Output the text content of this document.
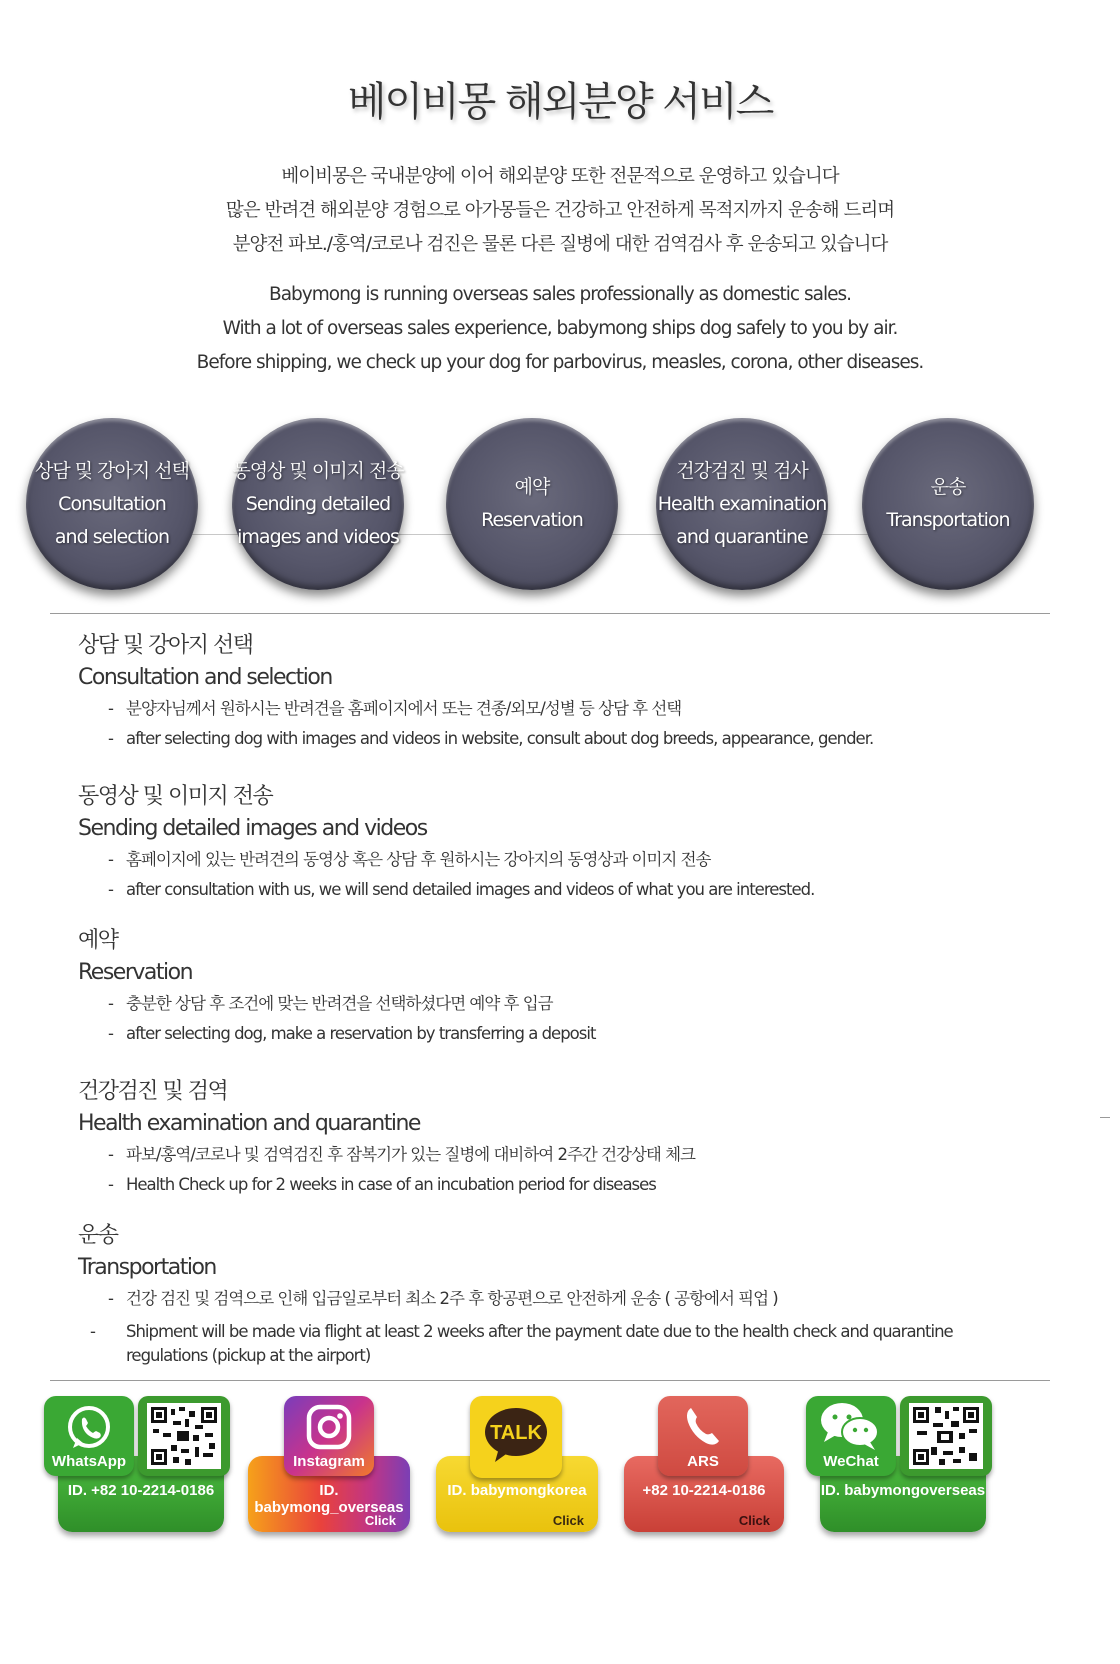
베이비몽 해외분양 서비스
베이비몽은 국내분양에 이어 해외분양 또한 전문적으로 운영하고 있습니다
많은 반려견 해외분양 경험으로 아가몽들은 건강하고 안전하게 목적지까지 운송해 드리며
분양전 파보./홍역/코로나 검진은 물론 다른 질병에 대한 검역검사 후 운송되고 있습니다
Babymong is running overseas sales professionally as domestic sales.
With a lot of overseas sales experience, babymong ships dog safely to you by air.
Before shipping, we check up your dog for parbovirus, measles, corona, other diseases.
상담 및 강아지 선택
Consultation
and selection
동영상 및 이미지 전송
Sending detailed
images and videos
예약
Reservation
건강검진 및 검사
Health examination
and quarantine
운송
Transportation
상담 및 강아지 선택
Consultation and selection
- 분양자님께서 원하시는 반려견을 홈페이지에서 또는 견종/외모/성별 등 상담 후 선택
- after selecting dog with images and videos in website, consult about dog breeds, appearance, gender.
동영상 및 이미지 전송
Sending detailed images and videos
- 홈페이지에 있는 반려견의 동영상 혹은 상담 후 원하시는 강아지의 동영상과 이미지 전송
- after consultation with us, we will send detailed images and videos of what you are interested.
예약
Reservation
- 충분한 상담 후 조건에 맞는 반려견을 선택하셨다면 예약 후 입금
- after selecting dog, make a reservation by transferring a deposit
건강검진 및 검역
Health examination and quarantine
- 파보/홍역/코로나 및 검역검진 후 잠복기가 있는 질병에 대비하여 2주간 건강상태 체크
- Health Check up for 2 weeks in case of an incubation period for diseases
운송
Transportation
- 건강 검진 및 검역으로 인해 입금일로부터 최소 2주 후 항공편으로 안전하게 운송 ( 공항에서 픽업 )
- Shipment will be made via flight at least 2 weeks after the payment date due to the health check and quarantine regulations (pickup at the airport)
ID. +82 10-2214-0186
WhatsApp
ID. babymong_overseas
Click
Instagram
ID. babymongkorea
Click
TALK
+82 10-2214-0186
Click
ARS
ID. babymongoverseas
WeChat
